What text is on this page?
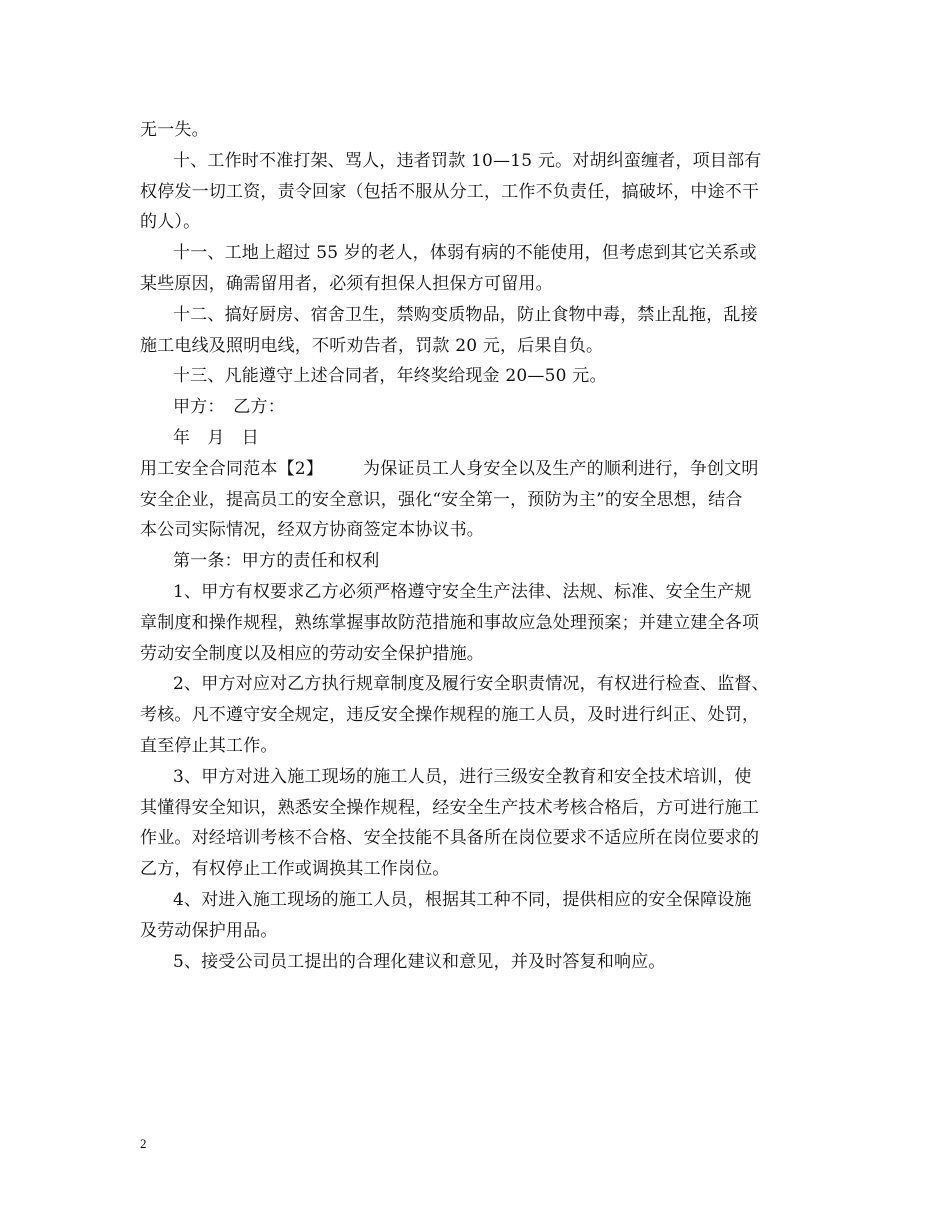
无一失。
十、工作时不准打架、骂人，违者罚款 10—15 元。对胡纠蛮缠者，项目部有
权停发一切工资，责令回家（包括不服从分工，工作不负责任，搞破坏，中途不干
的人）。
十一、工地上超过 55 岁的老人，体弱有病的不能使用，但考虑到其它关系或
某些原因，确需留用者，必须有担保人担保方可留用。
十二、搞好厨房、宿舍卫生，禁购变质物品，防止食物中毒，禁止乱拖，乱接
施工电线及照明电线，不听劝告者，罚款 20 元，后果自负。
十三、凡能遵守上述合同者，年终奖给现金 20—50 元。
甲方：　乙方：
年　月　日
用工安全合同范本【2】 为保证员工人身安全以及生产的顺利进行，争创文明
安全企业，提高员工的安全意识，强化“安全第一，预防为主”的安全思想，结合
本公司实际情况，经双方协商签定本协议书。
第一条：甲方的责任和权利
1、甲方有权要求乙方必须严格遵守安全生产法律、法规、标准、安全生产规
章制度和操作规程，熟练掌握事故防范措施和事故应急处理预案；并建立建全各项
劳动安全制度以及相应的劳动安全保护措施。
2、甲方对应对乙方执行规章制度及履行安全职责情况，有权进行检查、监督、
考核。凡不遵守安全规定，违反安全操作规程的施工人员，及时进行纠正、处罚，
直至停止其工作。
3、甲方对进入施工现场的施工人员，进行三级安全教育和安全技术培训，使
其懂得安全知识，熟悉安全操作规程，经安全生产技术考核合格后，方可进行施工
作业。对经培训考核不合格、安全技能不具备所在岗位要求不适应所在岗位要求的
乙方，有权停止工作或调换其工作岗位。
4、对进入施工现场的施工人员，根据其工种不同，提供相应的安全保障设施
及劳动保护用品。
5、接受公司员工提出的合理化建议和意见，并及时答复和响应。
2
